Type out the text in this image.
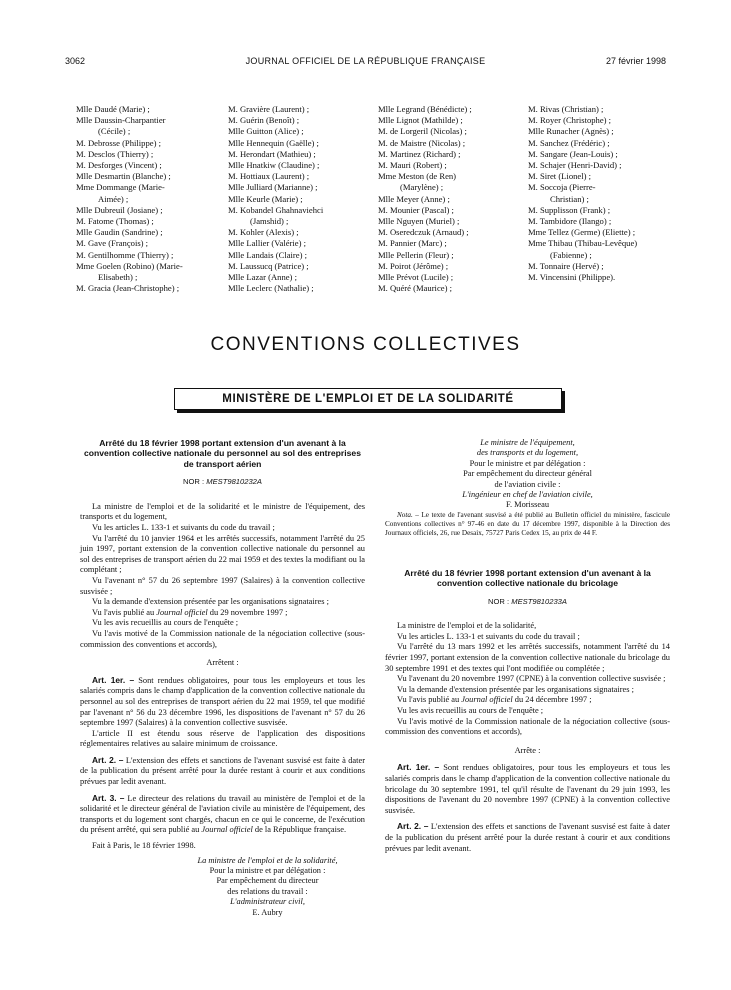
3062	JOURNAL OFFICIEL DE LA RÉPUBLIQUE FRANÇAISE	27 février 1998
Mlle Daudé (Marie) ;
Mlle Daussin-Charpantier
(Cécile) ;
M. Debrosse (Philippe) ;
M. Desclos (Thierry) ;
M. Desforges (Vincent) ;
Mlle Desmartin (Blanche) ;
Mme Dommange (Marie-
Aimée) ;
Mlle Dubreuil (Josiane) ;
M. Fatome (Thomas) ;
Mlle Gaudin (Sandrine) ;
M. Gave (François) ;
M. Gentilhomme (Thierry) ;
Mme Goelen (Robino) (Marie-
Elisabeth) ;
M. Gracia (Jean-Christophe) ;
M. Gravière (Laurent) ;
M. Guérin (Benoît) ;
Mlle Guitton (Alice) ;
Mlle Hennequin (Gaëlle) ;
M. Herondart (Mathieu) ;
Mlle Hnatkiw (Claudine) ;
M. Hottiaux (Laurent) ;
Mlle Julliard (Marianne) ;
Mlle Keurle (Marie) ;
M. Kobandel Ghahnaviehci
(Jamshid) ;
M. Kohler (Alexis) ;
Mlle Lallier (Valérie) ;
Mlle Landais (Claire) ;
M. Laussucq (Patrice) ;
Mlle Lazar (Anne) ;
Mlle Leclerc (Nathalie) ;
Mlle Legrand (Bénédicte) ;
Mlle Lignot (Mathilde) ;
M. de Lorgeril (Nicolas) ;
M. de Maistre (Nicolas) ;
M. Martinez (Richard) ;
M. Mauri (Robert) ;
Mme Meston (de Ren)
(Marylène) ;
Mlle Meyer (Anne) ;
M. Mounier (Pascal) ;
Mlle Nguyen (Muriel) ;
M. Oseredczuk (Arnaud) ;
M. Pannier (Marc) ;
Mlle Pellerin (Fleur) ;
M. Poirot (Jérôme) ;
Mlle Prévot (Lucile) ;
M. Quéré (Maurice) ;
M. Rivas (Christian) ;
M. Royer (Christophe) ;
Mlle Runacher (Agnès) ;
M. Sanchez (Frédéric) ;
M. Sangare (Jean-Louis) ;
M. Schajer (Henri-David) ;
M. Siret (Lionel) ;
M. Soccoja (Pierre-
Christian) ;
M. Supplisson (Frank) ;
M. Tambidore (Ilango) ;
Mme Tellez (Germe) (Eliette) ;
Mme Thibau (Thibau-Levêque)
(Fabienne) ;
M. Tonnaire (Hervé) ;
M. Vincensini (Philippe).
CONVENTIONS COLLECTIVES
MINISTÈRE DE L'EMPLOI ET DE LA SOLIDARITÉ
Arrêté du 18 février 1998 portant extension d'un avenant à la convention collective nationale du personnel au sol des entreprises de transport aérien
NOR : MEST9810232A

La ministre de l'emploi et de la solidarité et le ministre de l'équipement, des transports et du logement,

Vu les articles L. 133-1 et suivants du code du travail ;

Vu l'arrêté du 10 janvier 1964 et les arrêtés successifs, notamment l'arrêté du 25 juin 1997, portant extension de la convention collective nationale du personnel au sol des entreprises de transport aérien du 22 mai 1959 et des textes la modifiant ou la complétant ;

Vu l'avenant n° 57 du 26 septembre 1997 (Salaires) à la convention collective susvisée ;

Vu la demande d'extension présentée par les organisations signataires ;

Vu l'avis publié au Journal officiel du 29 novembre 1997 ;

Vu les avis recueillis au cours de l'enquête ;

Vu l'avis motivé de la Commission nationale de la négociation collective (sous-commission des conventions et accords),

Arrêtent :

Art. 1er. – Sont rendues obligatoires, pour tous les employeurs et tous les salariés compris dans le champ d'application de la convention collective nationale du personnel au sol des entreprises de transport aérien du 22 mai 1959, tel que modifié par l'avenant n° 56 du 23 décembre 1996, les dispositions de l'avenant n° 57 du 26 septembre 1997 (Salaires) à la convention collective susvisée.

L'article II est étendu sous réserve de l'application des dispositions réglementaires relatives au salaire minimum de croissance.

Art. 2. – L'extension des effets et sanctions de l'avenant susvisé est faite à dater de la publication du présent arrêté pour la durée restant à courir et aux conditions prévues par ledit avenant.

Art. 3. – Le directeur des relations du travail au ministère de l'emploi et de la solidarité et le directeur général de l'aviation civile au ministère de l'équipement, des transports et du logement sont chargés, chacun en ce qui le concerne, de l'exécution du présent arrêté, qui sera publié au Journal officiel de la République française.

Fait à Paris, le 18 février 1998.

La ministre de l'emploi et de la solidarité,
Pour la ministre et par délégation :
Par empêchement du directeur
des relations du travail :
L'administrateur civil,
E. Aubry
Le ministre de l'équipement,
des transports et du logement,
Pour le ministre et par délégation :
Par empêchement du directeur général
de l'aviation civile :
L'ingénieur en chef de l'aviation civile,
F. Morisseau

Nota. – Le texte de l'avenant susvisé a été publié au Bulletin officiel du ministère, fascicule Conventions collectives n° 97-46 en date du 17 décembre 1997, disponible à la Direction des Journaux officiels, 26, rue Desaix, 75727 Paris Cedex 15, au prix de 44 F.

Arrêté du 18 février 1998 portant extension d'un avenant à la convention collective nationale du bricolage
NOR : MEST9810233A

La ministre de l'emploi et de la solidarité,

Vu les articles L. 133-1 et suivants du code du travail ;

Vu l'arrêté du 13 mars 1992 et les arrêtés successifs, notamment l'arrêté du 14 février 1997, portant extension de la convention collective nationale du bricolage du 30 septembre 1991 et des textes qui l'ont modifiée ou complétée ;

Vu l'avenant du 20 novembre 1997 (CPNE) à la convention collective susvisée ;

Vu la demande d'extension présentée par les organisations signataires ;

Vu l'avis publié au Journal officiel du 24 décembre 1997 ;

Vu les avis recueillis au cours de l'enquête ;

Vu l'avis motivé de la Commission nationale de la négociation collective (sous-commission des conventions et accords),

Arrête :

Art. 1er. – Sont rendues obligatoires, pour tous les employeurs et tous les salariés compris dans le champ d'application de la convention collective nationale du bricolage du 30 septembre 1991, tel qu'il résulte de l'avenant du 29 juin 1993, les dispositions de l'avenant du 20 novembre 1997 (CPNE) à la convention collective susvisée.

Art. 2. – L'extension des effets et sanctions de l'avenant susvisé est faite à dater de la publication du présent arrêté pour la durée restant à courir et aux conditions prévues par ledit avenant.
